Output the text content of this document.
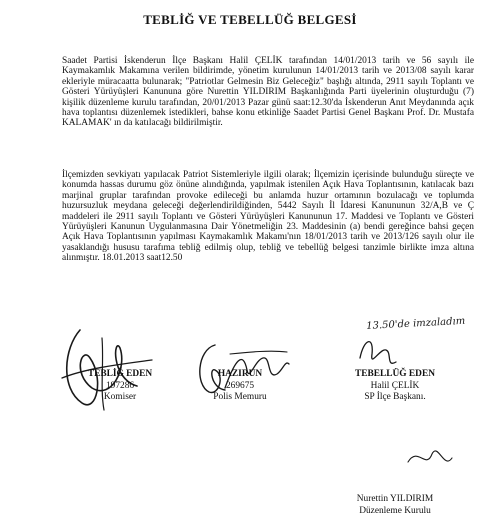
TEBLİĞ VE TEBELLÜĞ BELGESİ

Saadet Partisi İskenderun İlçe Başkanı Halil ÇELİK tarafından 14/01/2013 tarih ve 56 sayılı ile Kaymakamlık Makamına verilen bildirimde, yönetim kurulunun 14/01/2013 tarih ve 2013/08 sayılı karar ekleriyle müracaatta bulunarak; "Patriotlar Gelmesin Biz Geleceğiz" başlığı altında, 2911 sayılı Toplantı ve Gösteri Yürüyüşleri Kanununa göre Nurettin YILDIRIM Başkanlığında Parti üyelerinin oluşturduğu (7) kişilik düzenleme kurulu tarafından, 20/01/2013 Pazar günü saat:12.30'da İskenderun Anıt Meydanında açık hava toplantısı düzenlemek istedikleri, bahse konu etkinliğe Saadet Partisi Genel Başkanı Prof. Dr. Mustafa KALAMAK' ın da katılacağı bildirilmiştir.

İlçemizden sevkiyatı yapılacak Patriot Sistemleriyle ilgili olarak; İlçemizin içerisinde bulunduğu süreçte ve konumda hassas durumu göz önüne alındığında, yapılmak istenilen Açık Hava Toplantısının, katılacak bazı marjinal gruplar tarafından provoke edileceği bu anlamda huzur ortamının bozulacağı ve toplumda huzursuzluk meydana geleceği değerlendirildiğinden, 5442 Sayılı İl İdaresi Kanununun 32/A,B ve Ç maddeleri ile 2911 sayılı Toplantı ve Gösteri Yürüyüşleri Kanununun 17. Maddesi ve Toplantı ve Gösteri Yürüyüşleri Kanunun Uygulanmasına Dair Yönetmeliğin 23. Maddesinin (a) bendi gereğince bahsi geçen Açık Hava Toplantısının yapılması Kaymakamlık Makamı'nın 18/01/2013 tarih ve 2013/126 sayılı olur ile yasaklandığı hususu tarafıma tebliğ edilmiş olup, tebliğ ve tebellüğ belgesi tanzimle birlikte imza altına alınmıştır. 18.01.2013 saat12.50

13.50'de imzaladım
TEBLİĞ EDEN
197286
Komiser
HAZIRUN
269675
Polis Memuru
TEBELLÜĞ EDEN
Halil ÇELİK
SP İlçe Başkanı.
Nurettin YILDIRIM
Düzenleme Kurulu
